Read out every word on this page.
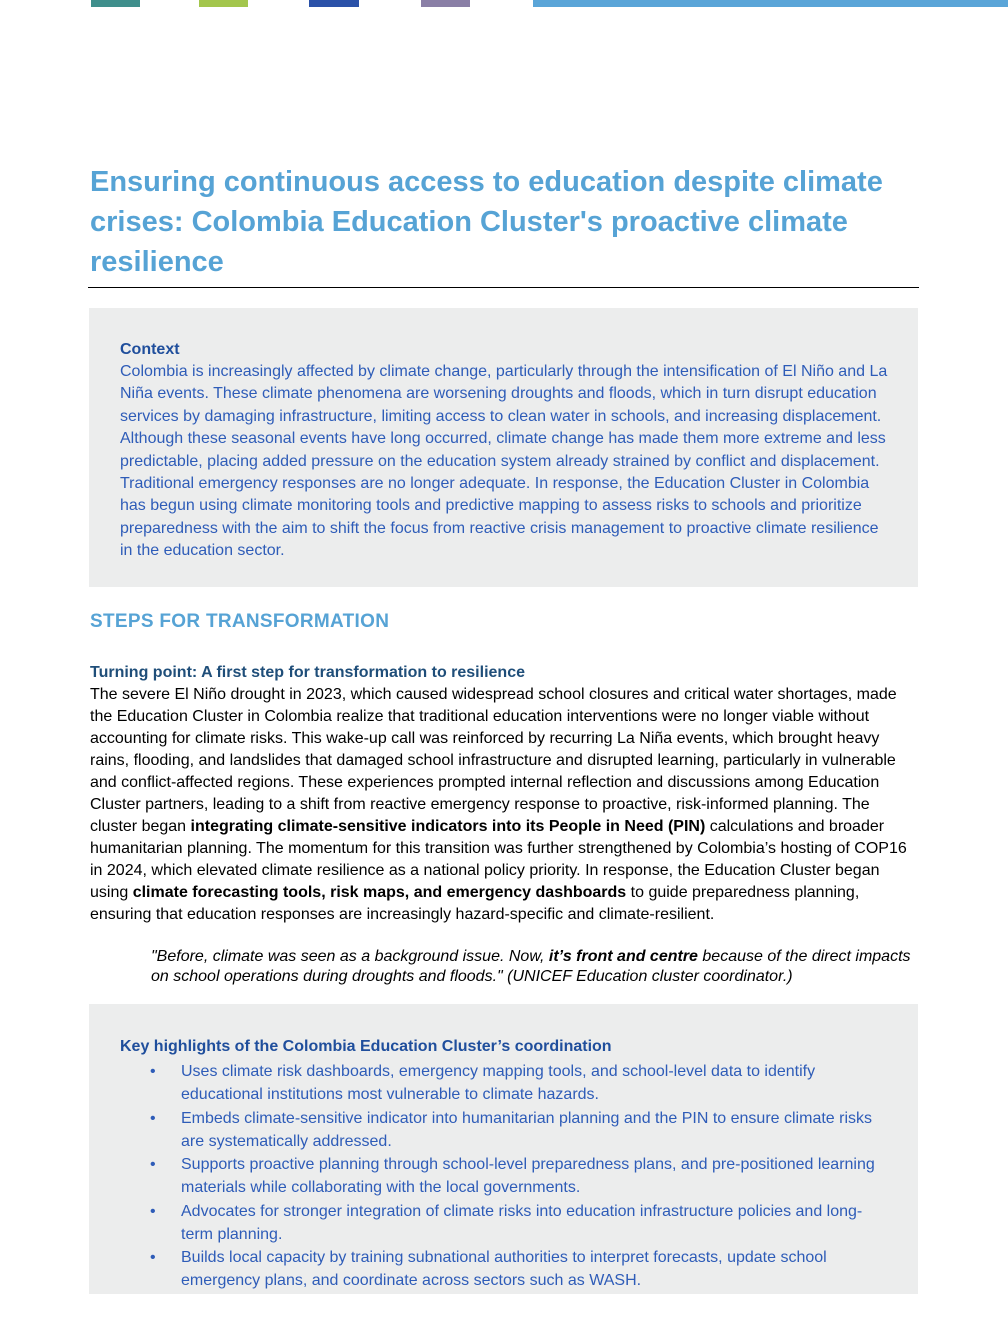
Ensuring continuous access to education despite climate crises: Colombia Education Cluster's proactive climate resilience
Context
Colombia is increasingly affected by climate change, particularly through the intensification of El Niño and La Niña events. These climate phenomena are worsening droughts and floods, which in turn disrupt education services by damaging infrastructure, limiting access to clean water in schools, and increasing displacement. Although these seasonal events have long occurred, climate change has made them more extreme and less predictable, placing added pressure on the education system already strained by conflict and displacement. Traditional emergency responses are no longer adequate. In response, the Education Cluster in Colombia has begun using climate monitoring tools and predictive mapping to assess risks to schools and prioritize preparedness with the aim to shift the focus from reactive crisis management to proactive climate resilience in the education sector.
STEPS FOR TRANSFORMATION
Turning point: A first step for transformation to resilience
The severe El Niño drought in 2023, which caused widespread school closures and critical water shortages, made the Education Cluster in Colombia realize that traditional education interventions were no longer viable without accounting for climate risks. This wake-up call was reinforced by recurring La Niña events, which brought heavy rains, flooding, and landslides that damaged school infrastructure and disrupted learning, particularly in vulnerable and conflict-affected regions. These experiences prompted internal reflection and discussions among Education Cluster partners, leading to a shift from reactive emergency response to proactive, risk-informed planning. The cluster began integrating climate-sensitive indicators into its People in Need (PIN) calculations and broader humanitarian planning. The momentum for this transition was further strengthened by Colombia’s hosting of COP16 in 2024, which elevated climate resilience as a national policy priority. In response, the Education Cluster began using climate forecasting tools, risk maps, and emergency dashboards to guide preparedness planning, ensuring that education responses are increasingly hazard-specific and climate-resilient.
"Before, climate was seen as a background issue. Now, it’s front and centre because of the direct impacts on school operations during droughts and floods." (UNICEF Education cluster coordinator.)
Key highlights of the Colombia Education Cluster’s coordination
• Uses climate risk dashboards, emergency mapping tools, and school-level data to identify educational institutions most vulnerable to climate hazards.
• Embeds climate-sensitive indicator into humanitarian planning and the PIN to ensure climate risks are systematically addressed.
• Supports proactive planning through school-level preparedness plans, and pre-positioned learning materials while collaborating with the local governments.
• Advocates for stronger integration of climate risks into education infrastructure policies and long-term planning.
• Builds local capacity by training subnational authorities to interpret forecasts, update school emergency plans, and coordinate across sectors such as WASH.
